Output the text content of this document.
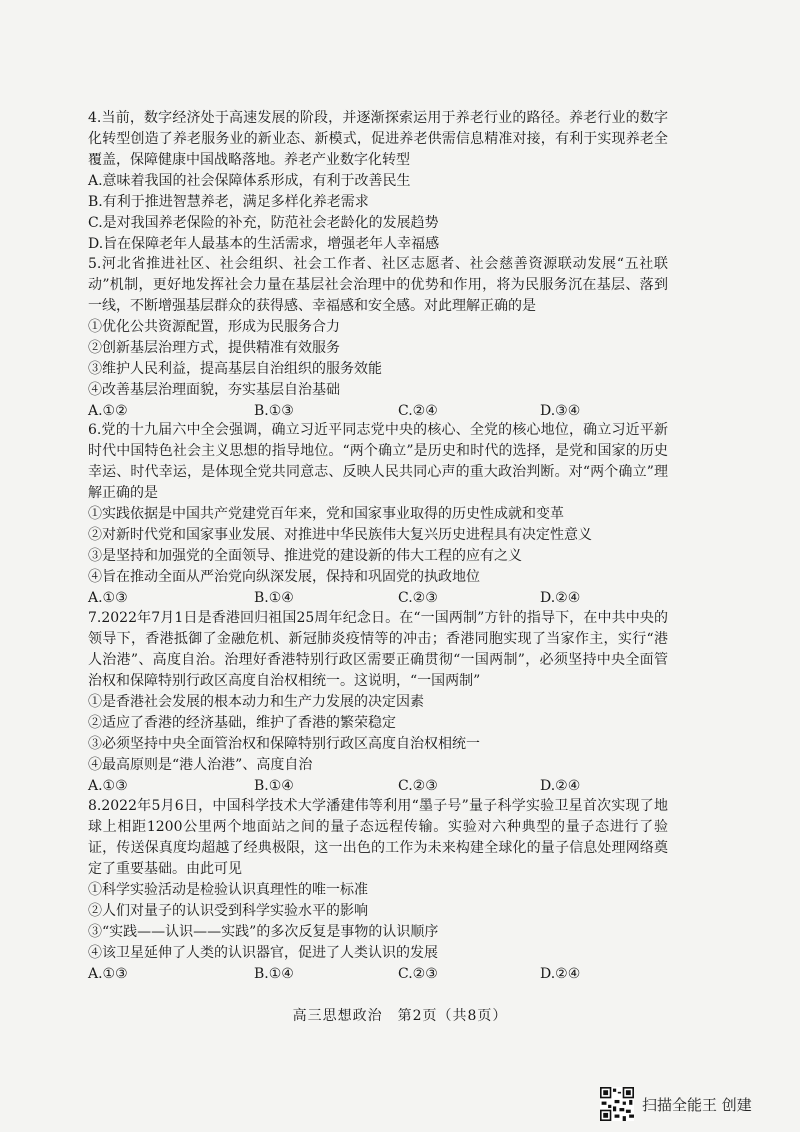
4.当前，数字经济处于高速发展的阶段，并逐渐探索运用于养老行业的路径。养老行业的数字化转型创造了养老服务业的新业态、新模式，促进养老供需信息精准对接，有利于实现养老全覆盖，保障健康中国战略落地。养老产业数字化转型

A.意味着我国的社会保障体系形成，有利于改善民生

B.有利于推进智慧养老，满足多样化养老需求

C.是对我国养老保险的补充，防范社会老龄化的发展趋势

D.旨在保障老年人最基本的生活需求，增强老年人幸福感

5.河北省推进社区、社会组织、社会工作者、社区志愿者、社会慈善资源联动发展“五社联动”机制，更好地发挥社会力量在基层社会治理中的优势和作用，将为民服务沉在基层、落到一线，不断增强基层群众的获得感、幸福感和安全感。对此理解正确的是

①优化公共资源配置，形成为民服务合力

②创新基层治理方式，提供精准有效服务

③维护人民利益，提高基层自治组织的服务效能

④改善基层治理面貌，夯实基层自治基础

A.①②	B.①③	C.②④	D.③④

6.党的十九届六中全会强调，确立习近平同志党中央的核心、全党的核心地位，确立习近平新时代中国特色社会主义思想的指导地位。“两个确立”是历史和时代的选择，是党和国家的历史幸运、时代幸运，是体现全党共同意志、反映人民共同心声的重大政治判断。对“两个确立”理解正确的是

①实践依据是中国共产党建党百年来，党和国家事业取得的历史性成就和变革

②对新时代党和国家事业发展、对推进中华民族伟大复兴历史进程具有决定性意义

③是坚持和加强党的全面领导、推进党的建设新的伟大工程的应有之义

④旨在推动全面从严治党向纵深发展，保持和巩固党的执政地位

A.①③	B.①④	C.②③	D.②④

7.2022年7月1日是香港回归祖国25周年纪念日。在“一国两制”方针的指导下，在中共中央的领导下，香港抵御了金融危机、新冠肺炎疫情等的冲击；香港同胞实现了当家作主，实行“港人治港”、高度自治。治理好香港特别行政区需要正确贯彻“一国两制”，必须坚持中央全面管治权和保障特别行政区高度自治权相统一。这说明，“一国两制”

①是香港社会发展的根本动力和生产力发展的决定因素

②适应了香港的经济基础，维护了香港的繁荣稳定

③必须坚持中央全面管治权和保障特别行政区高度自治权相统一

④最高原则是“港人治港”、高度自治

A.①③	B.①④	C.②③	D.②④

8.2022年5月6日，中国科学技术大学潘建伟等利用“墨子号”量子科学实验卫星首次实现了地球上相距1200公里两个地面站之间的量子态远程传输。实验对六种典型的量子态进行了验证，传送保真度均超越了经典极限，这一出色的工作为未来构建全球化的量子信息处理网络奠定了重要基础。由此可见

①科学实验活动是检验认识真理性的唯一标准

②人们对量子的认识受到科学实验水平的影响

③“实践——认识——实践”的多次反复是事物的认识顺序

④该卫星延伸了人类的认识器官，促进了人类认识的发展

A.①③	B.①④	C.②③	D.②④
高三思想政治　第2页（共8页）
扫描全能王 创建
